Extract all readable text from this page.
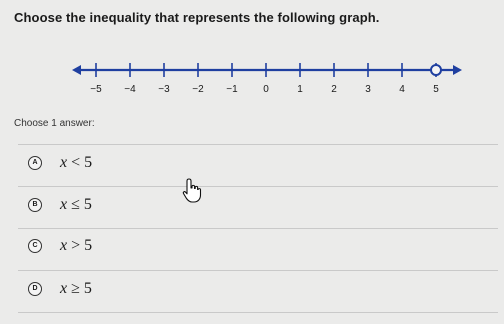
Choose the inequality that represents the following graph.
−5 −4 −3 −2 −1	0	1	2	3	4	5
Choose 1 answer:
A x < 5
B x ≤ 5
C x > 5
D x ≥ 5
